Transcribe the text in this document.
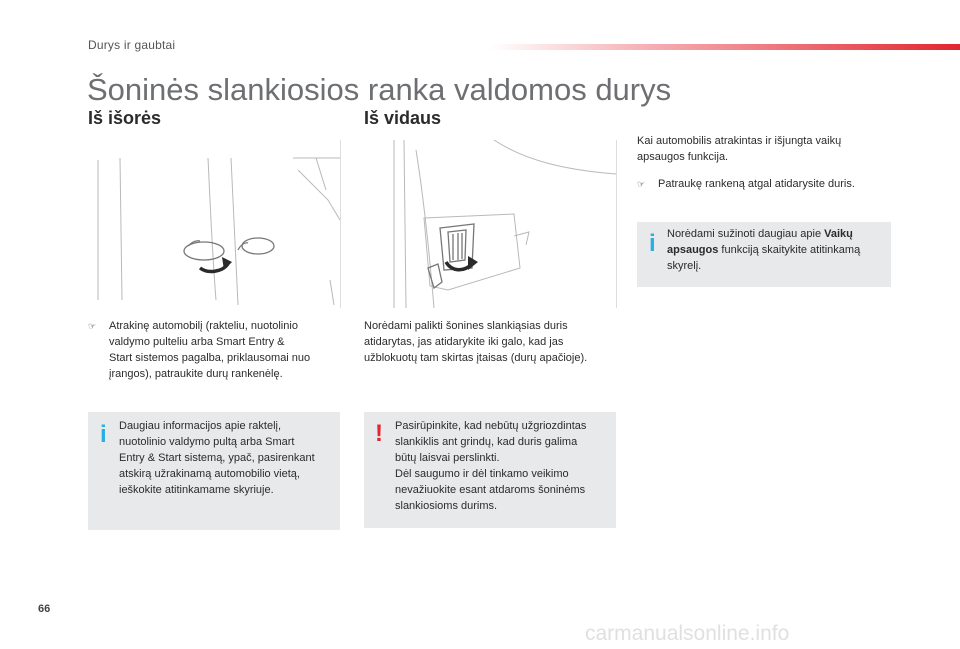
Durys ir gaubtai
Šoninės slankiosios ranka valdomos durys
Iš išorės
☞	Atrakinę automobilį (rakteliu, nuotolinio
valdymo pulteliu arba Smart Entry &
Start sistemos pagalba, priklausomai nuo
įrangos), patraukite durų rankenėlę.
i Daugiau informacijos apie raktelį,
nuotolinio valdymo pultą arba Smart
Entry & Start sistemą, ypač, pasirenkant
atskirą užrakinamą automobilio vietą,
ieškokite atitinkamame skyriuje.
Iš vidaus
Norėdami palikti šonines slankiąsias duris
atidarytas, jas atidarykite iki galo, kad jas
užblokuotų tam skirtas įtaisas (durų apačioje).
! Pasirūpinkite, kad nebūtų užgriozdintas
slankiklis ant grindų, kad duris galima
būtų laisvai perslinkti.
Dėl saugumo ir dėl tinkamo veikimo
nevažiuokite esant atdaroms šoninėms
slankiosioms durims.
Kai automobilis atrakintas ir išjungta vaikų
apsaugos funkcija.
☞	Patraukę rankeną atgal atidarysite duris.
i Norėdami sužinoti daugiau apie Vaikų
apsaugos funkciją skaitykite atitinkamą
skyrelį.
66
carmanualsonline.info
